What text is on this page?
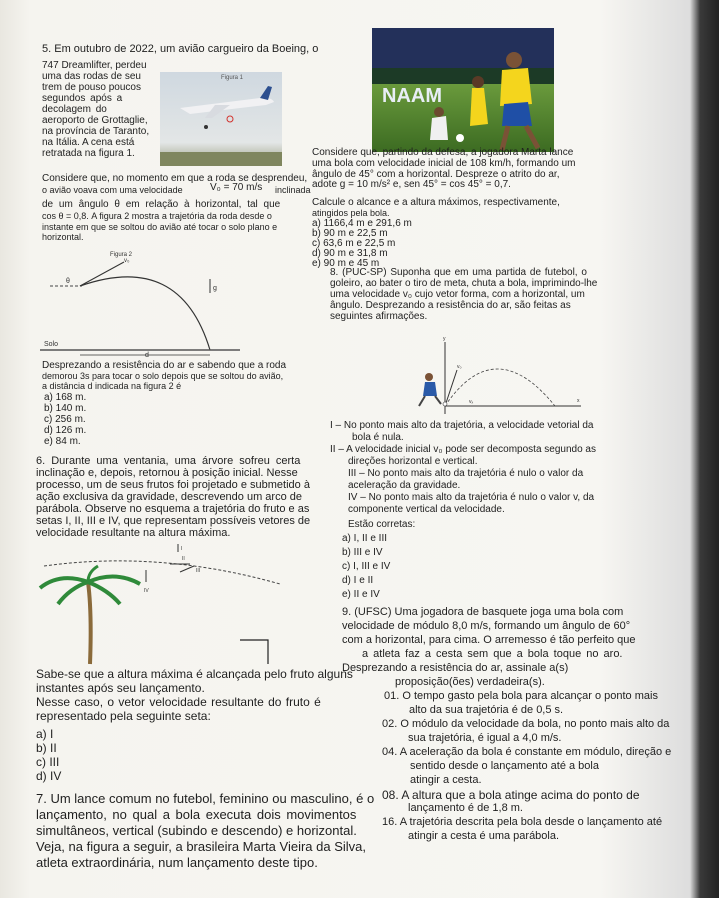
5. Em outubro de 2022, um avião cargueiro da Boeing, o
747 Dreamlifter, perdeu
uma das rodas de seu
trem de pouso poucos
segundos após a
decolagem do
aeroporto de Grottaglie,
na província de Taranto,
na Itália. A cena está
retratada na figura 1.
Figura 1
Considere que, no momento em que a roda se desprendeu,
o avião voava com uma velocidade	V₀ = 70 m/s inclinada
de um ângulo θ em relação à horizontal, tal que
cos θ = 0,8. A figura 2 mostra a trajetória da roda desde o
instante em que se soltou do avião até tocar o solo plano e
horizontal.
Figura 2
v₀
θ
g
Solo
d
Desprezando a resistência do ar e sabendo que a roda
demorou 3s para tocar o solo depois que se soltou do avião,
a distância d indicada na figura 2 é
a) 168 m.
b) 140 m.
c) 256 m.
d) 126 m.
e) 84 m.
6. Durante uma ventania, uma árvore sofreu certa
inclinação e, depois, retornou à posição inicial. Nesse
processo, um de seus frutos foi projetado e submetido à
ação exclusiva da gravidade, descrevendo um arco de
parábola. Observe no esquema a trajetória do fruto e as
setas I, II, III e IV, que representam possíveis vetores de
velocidade resultante na altura máxima.
I
II
III
IV
Sabe-se que a altura máxima é alcançada pelo fruto alguns
instantes após seu lançamento.
Nesse caso, o vetor velocidade resultante do fruto é
representado pela seguinte seta:
a) I
b) II
c) III
d) IV
7. Um lance comum no futebol, feminino ou masculino, é o
lançamento, no qual a bola executa dois movimentos
simultâneos, vertical (subindo e descendo) e horizontal.
Veja, na figura a seguir, a brasileira Marta Vieira da Silva,
atleta extraordinária, num lançamento deste tipo.
NAAM
Considere que, partindo da defesa, a jogadora Marta lance
uma bola com velocidade inicial de 108 km/h, formando um
ângulo de 45° com a horizontal. Despreze o atrito do ar,
adote g = 10 m/s² e, sen 45° = cos 45° = 0,7.
Calcule o alcance e a altura máximos, respectivamente,
atingidos pela bola.
a) 1166,4 m e 291,6 m
b) 90 m e 22,5 m
c) 63,6 m e 22,5 m
d) 90 m e 31,8 m
e) 90 m e 45 m
8. (PUC-SP) Suponha que em uma partida de futebol, o
goleiro, ao bater o tiro de meta, chuta a bola, imprimindo-lhe
uma velocidade v₀ cujo vetor forma, com a horizontal, um
ângulo. Desprezando a resistência do ar, são feitas as
seguintes afirmações.
y
x
v₀
vₓ
I – No ponto mais alto da trajetória, a velocidade vetorial da
bola é nula.
II – A velocidade inicial v₀ pode ser decomposta segundo as
direções horizontal e vertical.
III – No ponto mais alto da trajetória é nulo o valor da
aceleração da gravidade.
IV – No ponto mais alto da trajetória é nulo o valor v, da
componente vertical da velocidade.
Estão corretas:
a) I, II e III
b) III e IV
c) I, III e IV
d) I e II
e) II e IV
9. (UFSC) Uma jogadora de basquete joga uma bola com
velocidade de módulo 8,0 m/s, formando um ângulo de 60°
com a horizontal, para cima. O arremesso é tão perfeito que
a atleta faz a cesta sem que a bola toque no aro.
Desprezando a resistência do ar, assinale a(s)
proposição(ões) verdadeira(s).
01. O tempo gasto pela bola para alcançar o ponto mais
alto da sua trajetória é de 0,5 s.
02. O módulo da velocidade da bola, no ponto mais alto da
sua trajetória, é igual a 4,0 m/s.
04. A aceleração da bola é constante em módulo, direção e
sentido desde o lançamento até a bola
atingir a cesta.
08. A altura que a bola atinge acima do ponto de
lançamento é de 1,8 m.
16. A trajetória descrita pela bola desde o lançamento até
atingir a cesta é uma parábola.
